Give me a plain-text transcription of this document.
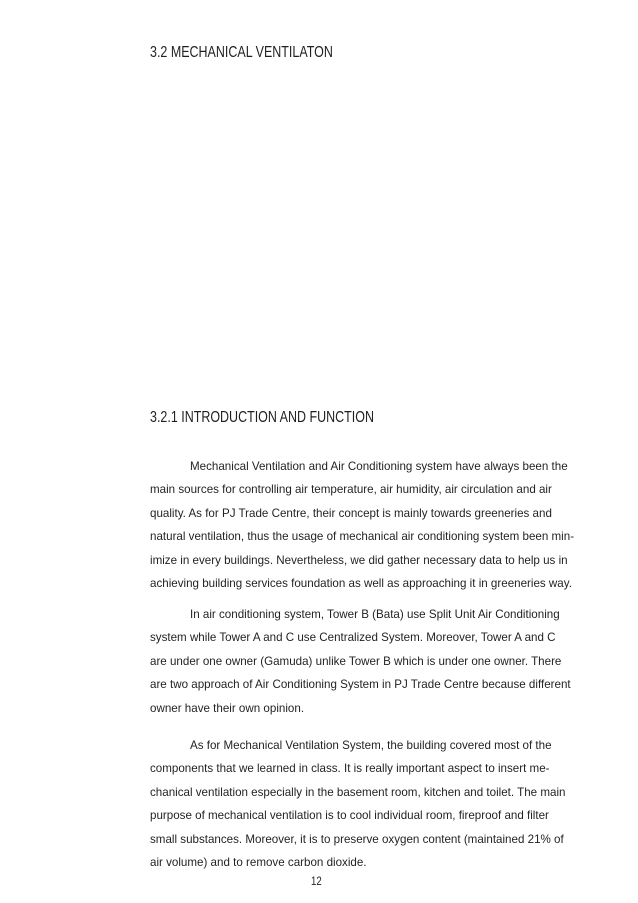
3.2 MECHANICAL VENTILATON
3.2.1 INTRODUCTION AND FUNCTION
Mechanical Ventilation and Air Conditioning system have always been the
main sources for controlling air temperature, air humidity, air circulation and air
quality. As for PJ Trade Centre, their concept is mainly towards greeneries and
natural ventilation, thus the usage of mechanical air conditioning system been min-
imize in every buildings. Nevertheless, we did gather necessary data to help us in
achieving building services foundation as well as approaching it in greeneries way.
In air conditioning system, Tower B (Bata) use Split Unit Air Conditioning
system while Tower A and C use Centralized System. Moreover, Tower A and C
are under one owner (Gamuda) unlike Tower B which is under one owner. There
are two approach of Air Conditioning System in PJ Trade Centre because different
owner have their own opinion.
As for Mechanical Ventilation System, the building covered most of the
components that we learned in class. It is really important aspect to insert me-
chanical ventilation especially in the basement room, kitchen and toilet. The main
purpose of mechanical ventilation is to cool individual room, fireproof and filter
small substances. Moreover, it is to preserve oxygen content (maintained 21% of
air volume) and to remove carbon dioxide.
12
